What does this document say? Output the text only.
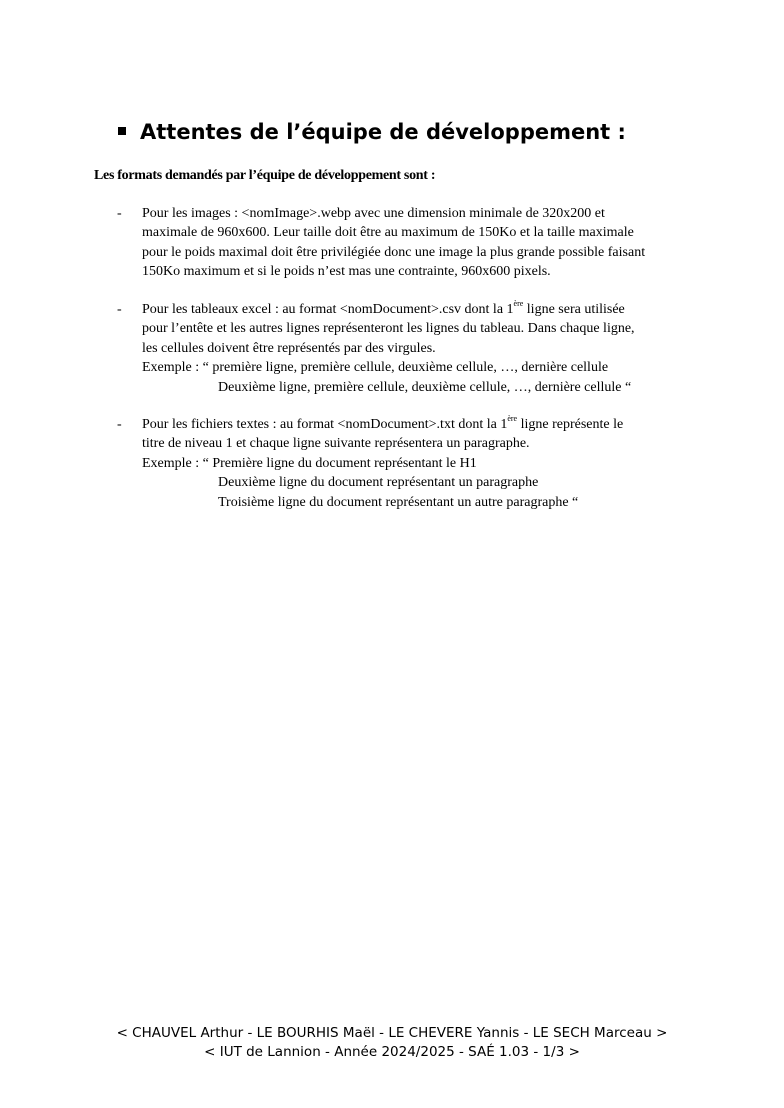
Attentes de l’équipe de développement :
Les formats demandés par l’équipe de développement sont :
- Pour les images : <nomImage>.webp avec une dimension minimale de 320x200 et
maximale de 960x600. Leur taille doit être au maximum de 150Ko et la taille maximale
pour le poids maximal doit être privilégiée donc une image la plus grande possible faisant
150Ko maximum et si le poids n’est mas une contrainte, 960x600 pixels.
- Pour les tableaux excel : au format <nomDocument>.csv dont la 1ère ligne sera utilisée
pour l’entête et les autres lignes représenteront les lignes du tableau. Dans chaque ligne,
les cellules doivent être représentés par des virgules.
Exemple : “ première ligne, première cellule, deuxième cellule, …, dernière cellule
Deuxième ligne, première cellule, deuxième cellule, …, dernière cellule “
- Pour les fichiers textes : au format <nomDocument>.txt dont la 1ère ligne représente le
titre de niveau 1 et chaque ligne suivante représentera un paragraphe.
Exemple : “ Première ligne du document représentant le H1
Deuxième ligne du document représentant un paragraphe
Troisième ligne du document représentant un autre paragraphe “
< CHAUVEL Arthur - LE BOURHIS Maël - LE CHEVERE Yannis - LE SECH Marceau >
< IUT de Lannion - Année 2024/2025 - SAÉ 1.03 - 1/3 >
